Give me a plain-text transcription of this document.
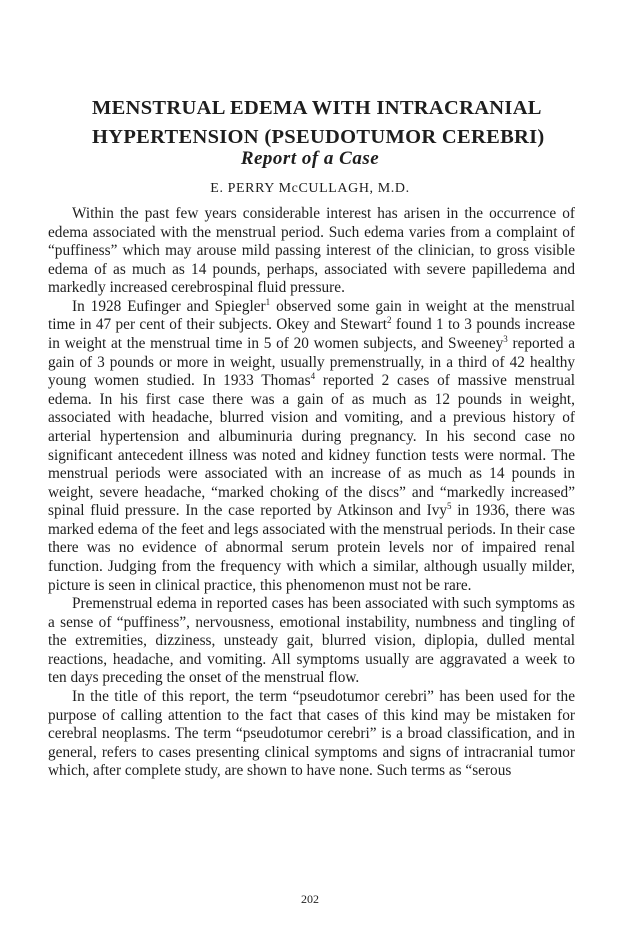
MENSTRUAL EDEMA WITH INTRACRANIAL
HYPERTENSION (PSEUDOTUMOR CEREBRI)

Report of a Case

E. PERRY McCULLAGH, M.D.

Within the past few years considerable interest has arisen in the occurrence of edema associated with the menstrual period. Such edema varies from a complaint of “puffiness” which may arouse mild passing interest of the clinician, to gross visible edema of as much as 14 pounds, perhaps, associated with severe papilledema and markedly increased cerebrospinal fluid pressure.

In 1928 Eufinger and Spiegler$^1$ observed some gain in weight at the menstrual time in 47 per cent of their subjects. Okey and Stewart$^2$ found 1 to 3 pounds increase in weight at the menstrual time in 5 of 20 women subjects, and Sweeney$^3$ reported a gain of 3 pounds or more in weight, usually premenstrually, in a third of 42 healthy young women studied. In 1933 Thomas$^4$ reported 2 cases of massive menstrual edema. In his first case there was a gain of as much as 12 pounds in weight, associated with headache, blurred vision and vomiting, and a previous history of arterial hypertension and albuminuria during pregnancy. In his second case no significant antecedent illness was noted and kidney function tests were normal. The menstrual periods were associated with an increase of as much as 14 pounds in weight, severe headache, “marked choking of the discs” and “markedly increased” spinal fluid pressure. In the case reported by Atkinson and Ivy$^5$ in 1936, there was marked edema of the feet and legs associated with the menstrual periods. In their case there was no evidence of abnormal serum protein levels nor of impaired renal function. Judging from the frequency with which a similar, although usually milder, picture is seen in clinical practice, this phenomenon must not be rare.

Premenstrual edema in reported cases has been associated with such symptoms as a sense of “puffiness”, nervousness, emotional instability, numbness and tingling of the extremities, dizziness, unsteady gait, blurred vision, diplopia, dulled mental reactions, headache, and vomiting. All symptoms usually are aggravated a week to ten days preceding the onset of the menstrual flow.

In the title of this report, the term “pseudotumor cerebri” has been used for the purpose of calling attention to the fact that cases of this kind may be mistaken for cerebral neoplasms. The term “pseudotumor cerebri” is a broad classification, and in general, refers to cases presenting clinical symptoms and signs of intracranial tumor which, after complete study, are shown to have none. Such terms as “serous

202
